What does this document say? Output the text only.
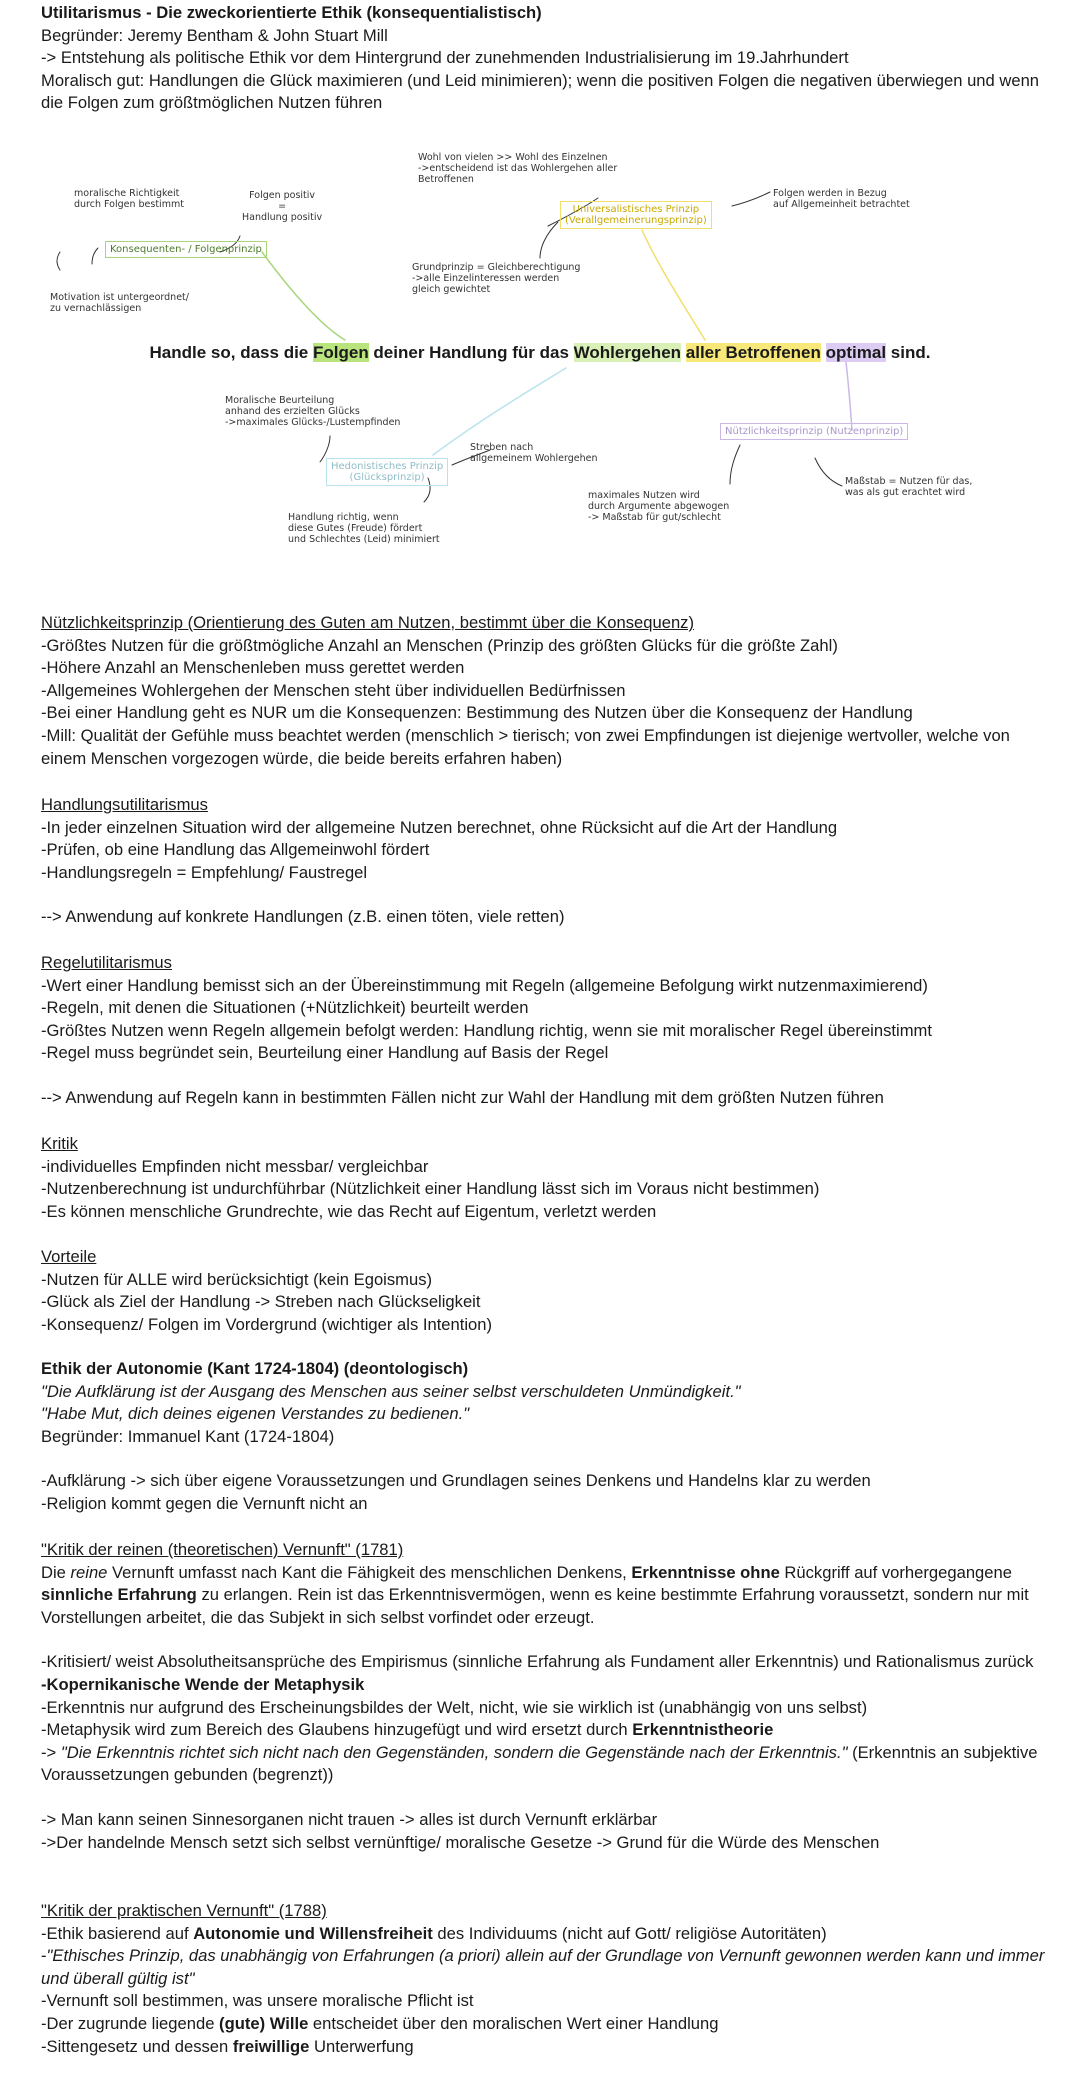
Utilitarismus - Die zweckorientierte Ethik (konsequentialistisch)
Begründer: Jeremy Bentham & John Stuart Mill
-> Entstehung als politische Ethik vor dem Hintergrund der zunehmenden Industrialisierung im 19.Jahrhundert
Moralisch gut: Handlungen die Glück maximieren (und Leid minimieren); wenn die positiven Folgen die negativen überwiegen und wenn die Folgen zum größtmöglichen Nutzen führen
moralische Richtigkeit
durch Folgen bestimmt
Folgen positiv
=
Handlung positiv
Konsequenten- / Folgenprinzip
Motivation ist untergeordnet/
zu vernachlässigen
Wohl von vielen >> Wohl des Einzelnen
->entscheidend ist das Wohlergehen aller
Betroffenen
Universalistisches Prinzip
(Verallgemeinerungsprinzip)
Folgen werden in Bezug
auf Allgemeinheit betrachtet
Grundprinzip = Gleichberechtigung
->alle Einzelinteressen werden
gleich gewichtet
Handle so, dass die Folgen deiner Handlung für das Wohlergehen aller Betroffenen optimal sind.
Moralische Beurteilung
anhand des erzielten Glücks
->maximales Glücks-/Lustempfinden
Hedonistisches Prinzip
(Glücksprinzip)
Streben nach
allgemeinem Wohlergehen
Handlung richtig, wenn
diese Gutes (Freude) fördert
und Schlechtes (Leid) minimiert
Nützlichkeitsprinzip (Nutzenprinzip)
maximales Nutzen wird
durch Argumente abgewogen
-> Maßstab für gut/schlecht
Maßstab = Nutzen für das,
was als gut erachtet wird
Nützlichkeitsprinzip (Orientierung des Guten am Nutzen, bestimmt über die Konsequenz)
-Größtes Nutzen für die größtmögliche Anzahl an Menschen (Prinzip des größten Glücks für die größte Zahl)
-Höhere Anzahl an Menschenleben muss gerettet werden
-Allgemeines Wohlergehen der Menschen steht über individuellen Bedürfnissen
-Bei einer Handlung geht es NUR um die Konsequenzen: Bestimmung des Nutzen über die Konsequenz der Handlung
-Mill: Qualität der Gefühle muss beachtet werden (menschlich > tierisch; von zwei Empfindungen ist diejenige wertvoller, welche von einem Menschen vorgezogen würde, die beide bereits erfahren haben)
Handlungsutilitarismus
-In jeder einzelnen Situation wird der allgemeine Nutzen berechnet, ohne Rücksicht auf die Art der Handlung
-Prüfen, ob eine Handlung das Allgemeinwohl fördert
-Handlungsregeln = Empfehlung/ Faustregel
--> Anwendung auf konkrete Handlungen (z.B. einen töten, viele retten)
Regelutilitarismus
-Wert einer Handlung bemisst sich an der Übereinstimmung mit Regeln (allgemeine Befolgung wirkt nutzenmaximierend)
-Regeln, mit denen die Situationen (+Nützlichkeit) beurteilt werden
-Größtes Nutzen wenn Regeln allgemein befolgt werden: Handlung richtig, wenn sie mit moralischer Regel übereinstimmt
-Regel muss begründet sein, Beurteilung einer Handlung auf Basis der Regel
--> Anwendung auf Regeln kann in bestimmten Fällen nicht zur Wahl der Handlung mit dem größten Nutzen führen
Kritik
-individuelles Empfinden nicht messbar/ vergleichbar
-Nutzenberechnung ist undurchführbar (Nützlichkeit einer Handlung lässt sich im Voraus nicht bestimmen)
-Es können menschliche Grundrechte, wie das Recht auf Eigentum, verletzt werden
Vorteile
-Nutzen für ALLE wird berücksichtigt (kein Egoismus)
-Glück als Ziel der Handlung -> Streben nach Glückseligkeit
-Konsequenz/ Folgen im Vordergrund (wichtiger als Intention)
Ethik der Autonomie (Kant 1724-1804) (deontologisch)
"Die Aufklärung ist der Ausgang des Menschen aus seiner selbst verschuldeten Unmündigkeit."
"Habe Mut, dich deines eigenen Verstandes zu bedienen."
Begründer: Immanuel Kant (1724-1804)
-Aufklärung -> sich über eigene Voraussetzungen und Grundlagen seines Denkens und Handelns klar zu werden
-Religion kommt gegen die Vernunft nicht an
"Kritik der reinen (theoretischen) Vernunft" (1781)
Die reine Vernunft umfasst nach Kant die Fähigkeit des menschlichen Denkens, Erkenntnisse ohne Rückgriff auf vorhergegangene sinnliche Erfahrung zu erlangen. Rein ist das Erkenntnisvermögen, wenn es keine bestimmte Erfahrung voraussetzt, sondern nur mit Vorstellungen arbeitet, die das Subjekt in sich selbst vorfindet oder erzeugt.
-Kritisiert/ weist Absolutheitsansprüche des Empirismus (sinnliche Erfahrung als Fundament aller Erkenntnis) und Rationalismus zurück
-Kopernikanische Wende der Metaphysik
-Erkenntnis nur aufgrund des Erscheinungsbildes der Welt, nicht, wie sie wirklich ist (unabhängig von uns selbst)
-Metaphysik wird zum Bereich des Glaubens hinzugefügt und wird ersetzt durch Erkenntnistheorie
-> "Die Erkenntnis richtet sich nicht nach den Gegenständen, sondern die Gegenstände nach der Erkenntnis." (Erkenntnis an subjektive Voraussetzungen gebunden (begrenzt))
-> Man kann seinen Sinnesorganen nicht trauen -> alles ist durch Vernunft erklärbar
->Der handelnde Mensch setzt sich selbst vernünftige/ moralische Gesetze -> Grund für die Würde des Menschen
"Kritik der praktischen Vernunft" (1788)
-Ethik basierend auf Autonomie und Willensfreiheit des Individuums (nicht auf Gott/ religiöse Autoritäten)
-"Ethisches Prinzip, das unabhängig von Erfahrungen (a priori) allein auf der Grundlage von Vernunft gewonnen werden kann und immer und überall gültig ist"
-Vernunft soll bestimmen, was unsere moralische Pflicht ist
-Der zugrunde liegende (gute) Wille entscheidet über den moralischen Wert einer Handlung
-Sittengesetz und dessen freiwillige Unterwerfung
